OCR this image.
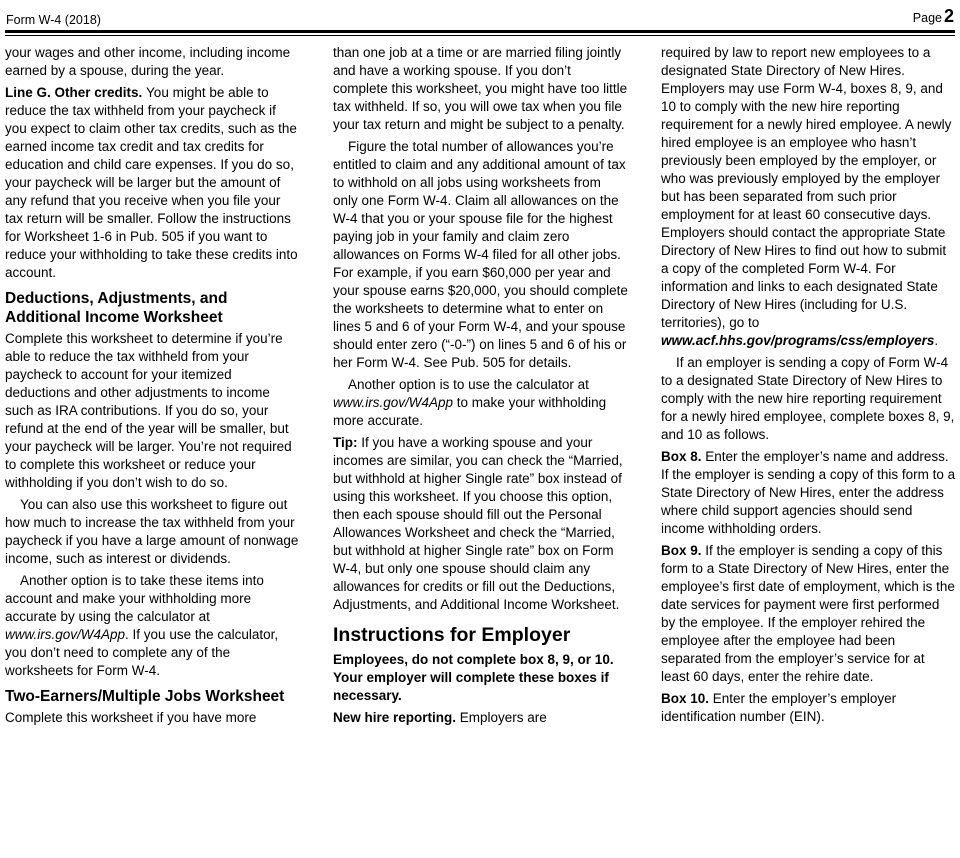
Form W-4 (2018)	Page 2

your wages and other income, including income earned by a spouse, during the year.

Line G. Other credits. You might be able to reduce the tax withheld from your paycheck if you expect to claim other tax credits, such as the earned income tax credit and tax credits for education and child care expenses. If you do so, your paycheck will be larger but the amount of any refund that you receive when you file your tax return will be smaller. Follow the instructions for Worksheet 1-6 in Pub. 505 if you want to reduce your withholding to take these credits into account.

Deductions, Adjustments, and Additional Income Worksheet

Complete this worksheet to determine if you’re able to reduce the tax withheld from your paycheck to account for your itemized deductions and other adjustments to income such as IRA contributions. If you do so, your refund at the end of the year will be smaller, but your paycheck will be larger. You’re not required to complete this worksheet or reduce your withholding if you don’t wish to do so.

You can also use this worksheet to figure out how much to increase the tax withheld from your paycheck if you have a large amount of nonwage income, such as interest or dividends.

Another option is to take these items into account and make your withholding more accurate by using the calculator at www.irs.gov/W4App. If you use the calculator, you don’t need to complete any of the worksheets for Form W-4.

Two-Earners/Multiple Jobs Worksheet

Complete this worksheet if you have more

than one job at a time or are married filing jointly and have a working spouse. If you don’t complete this worksheet, you might have too little tax withheld. If so, you will owe tax when you file your tax return and might be subject to a penalty.

Figure the total number of allowances you’re entitled to claim and any additional amount of tax to withhold on all jobs using worksheets from only one Form W-4. Claim all allowances on the W-4 that you or your spouse file for the highest paying job in your family and claim zero allowances on Forms W-4 filed for all other jobs. For example, if you earn $60,000 per year and your spouse earns $20,000, you should complete the worksheets to determine what to enter on lines 5 and 6 of your Form W-4, and your spouse should enter zero (“-0-”) on lines 5 and 6 of his or her Form W-4. See Pub. 505 for details.

Another option is to use the calculator at www.irs.gov/W4App to make your withholding more accurate.

Tip: If you have a working spouse and your incomes are similar, you can check the “Married, but withhold at higher Single rate” box instead of using this worksheet. If you choose this option, then each spouse should fill out the Personal Allowances Worksheet and check the “Married, but withhold at higher Single rate” box on Form W-4, but only one spouse should claim any allowances for credits or fill out the Deductions, Adjustments, and Additional Income Worksheet.

Instructions for Employer

Employees, do not complete box 8, 9, or 10. Your employer will complete these boxes if necessary.

New hire reporting. Employers are

required by law to report new employees to a designated State Directory of New Hires. Employers may use Form W-4, boxes 8, 9, and 10 to comply with the new hire reporting requirement for a newly hired employee. A newly hired employee is an employee who hasn’t previously been employed by the employer, or who was previously employed by the employer but has been separated from such prior employment for at least 60 consecutive days. Employers should contact the appropriate State Directory of New Hires to find out how to submit a copy of the completed Form W-4. For information and links to each designated State Directory of New Hires (including for U.S. territories), go to www.acf.hhs.gov/programs/css/​employers.

If an employer is sending a copy of Form W-4 to a designated State Directory of New Hires to comply with the new hire reporting requirement for a newly hired employee, complete boxes 8, 9, and 10 as follows.

Box 8. Enter the employer’s name and address. If the employer is sending a copy of this form to a State Directory of New Hires, enter the address where child support agencies should send income withholding orders.

Box 9. If the employer is sending a copy of this form to a State Directory of New Hires, enter the employee’s first date of employment, which is the date services for payment were first performed by the employee. If the employer rehired the employee after the employee had been separated from the employer’s service for at least 60 days, enter the rehire date.

Box 10. Enter the employer’s employer identification number (EIN).
